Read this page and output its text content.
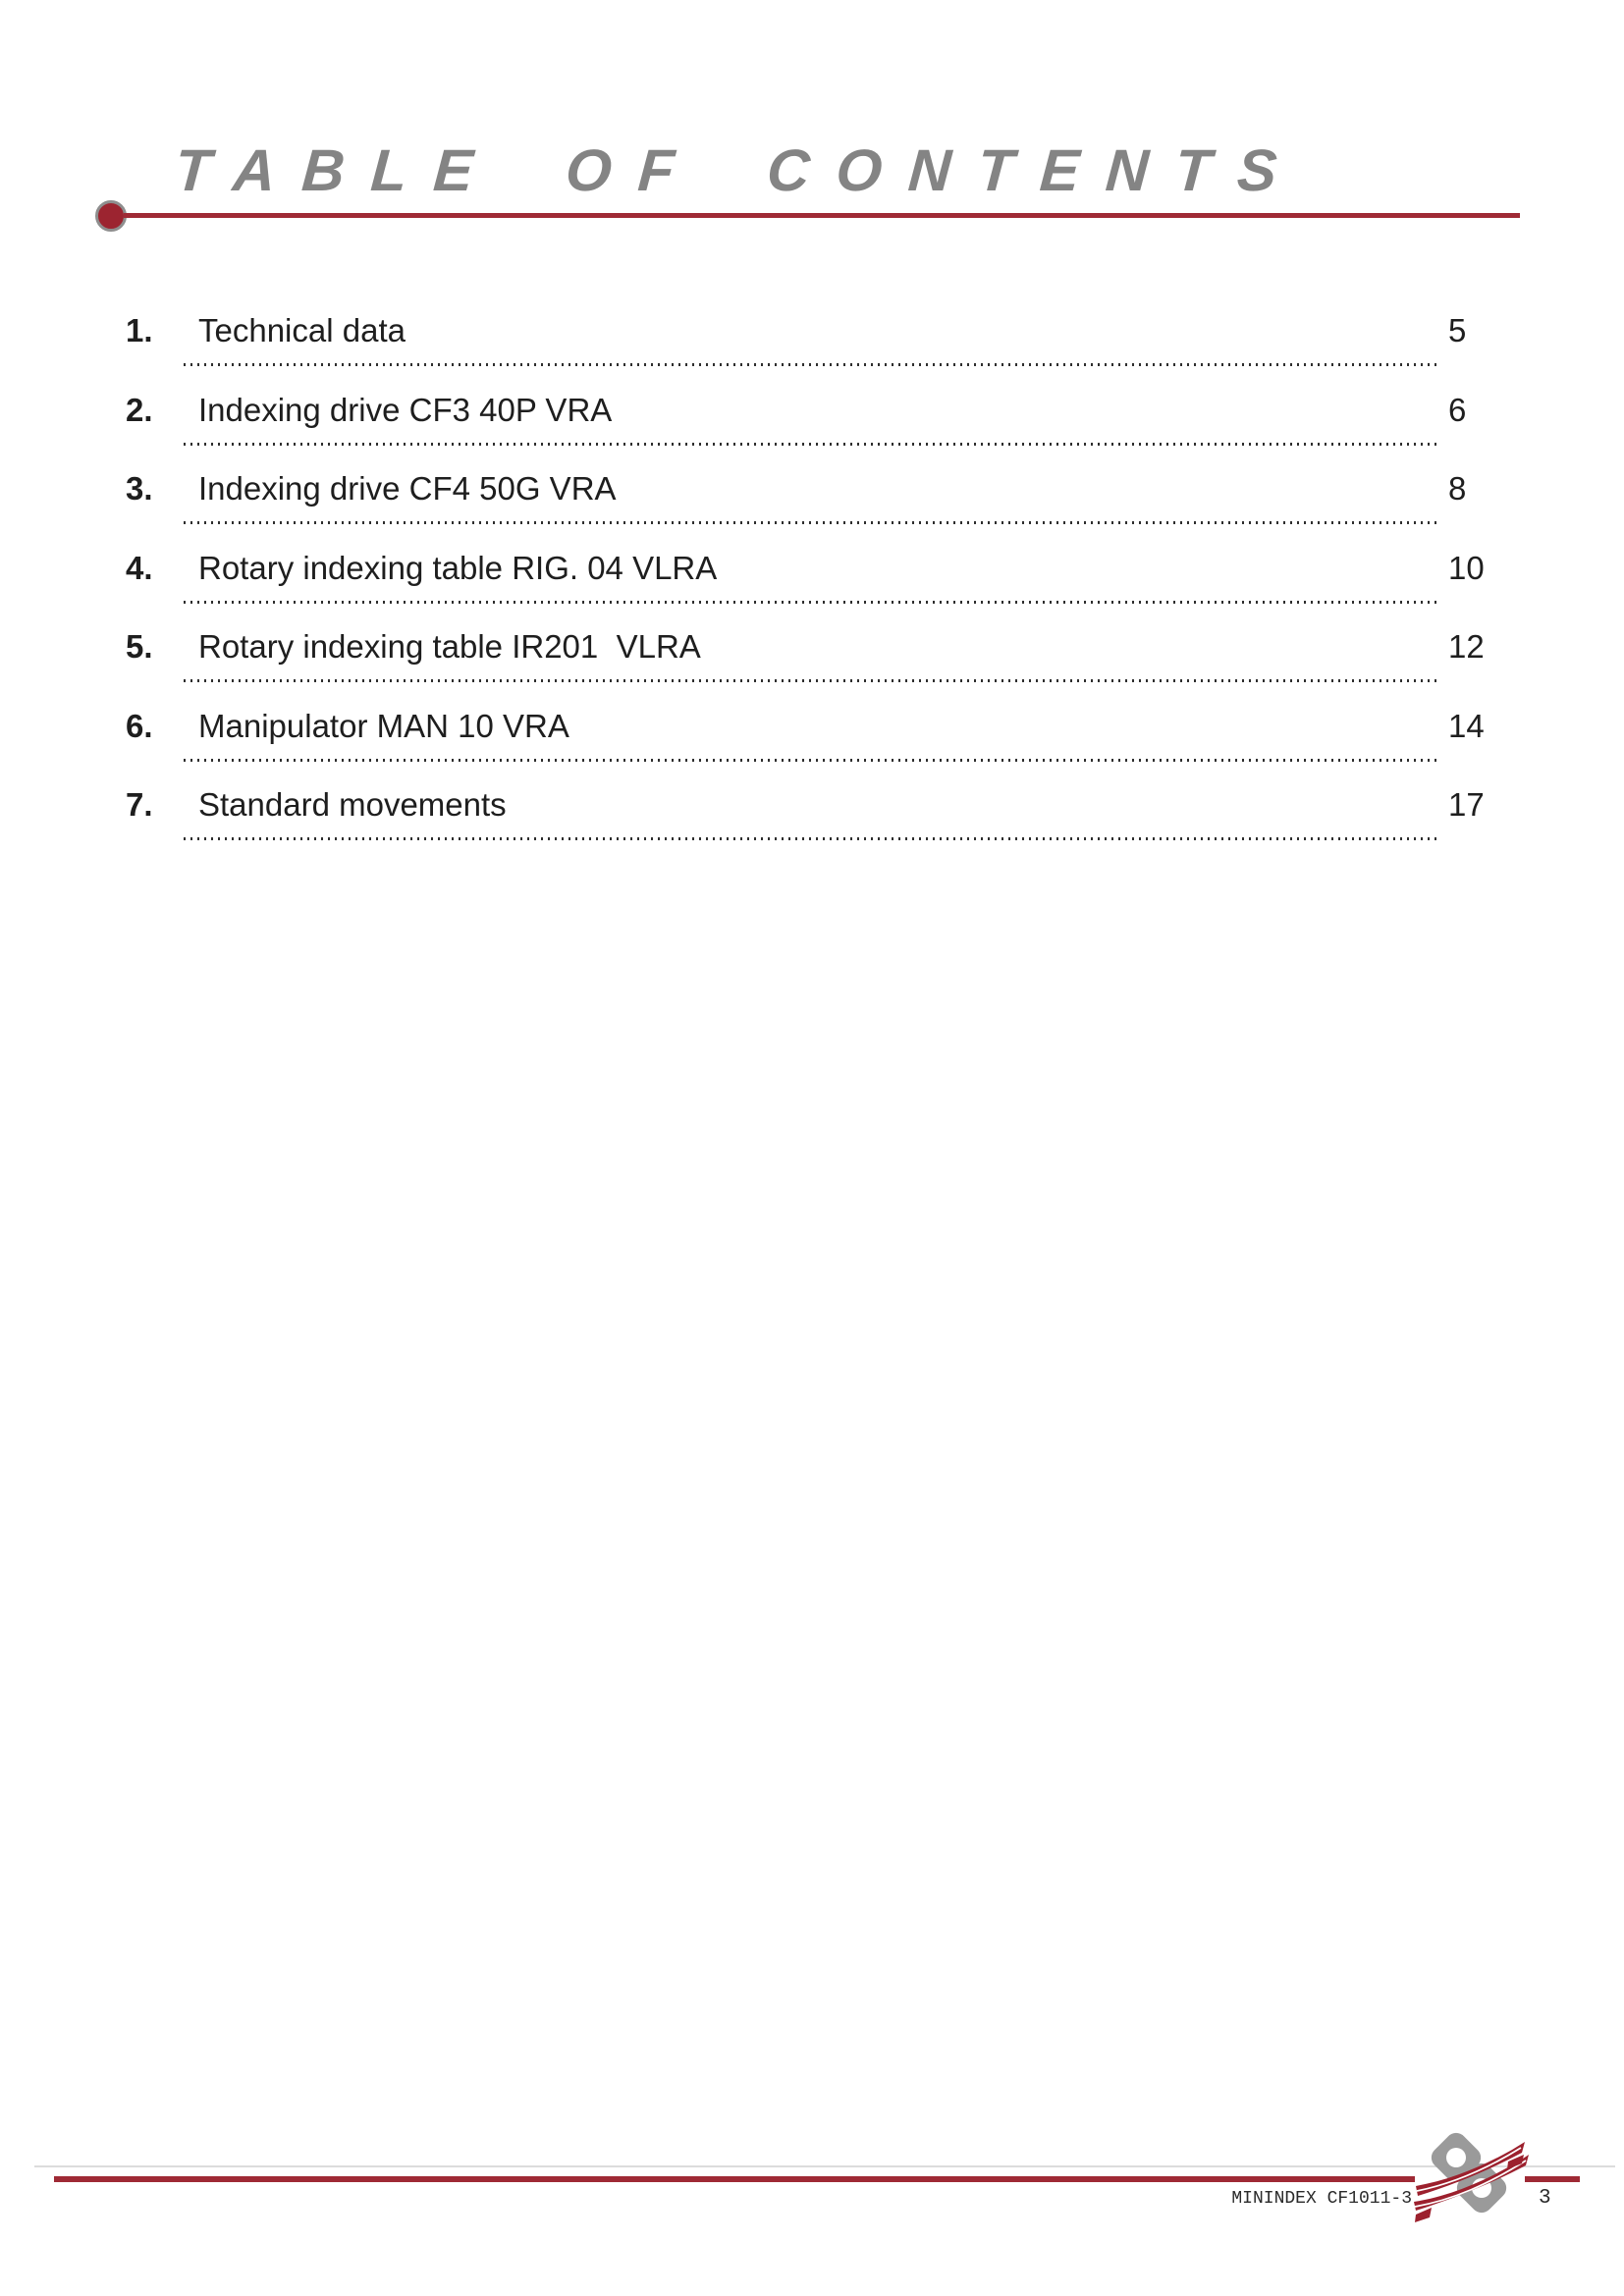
TABLE OF CONTENTS
1. Technical data	5
2. Indexing drive CF3 40P VRA	6
3. Indexing drive CF4 50G VRA	8
4. Rotary indexing table RIG. 04 VLRA	10
5. Rotary indexing table IR201  VLRA	12
6. Manipulator MAN 10 VRA	14
7. Standard movements	17
MININDEX CF1011-3	3
